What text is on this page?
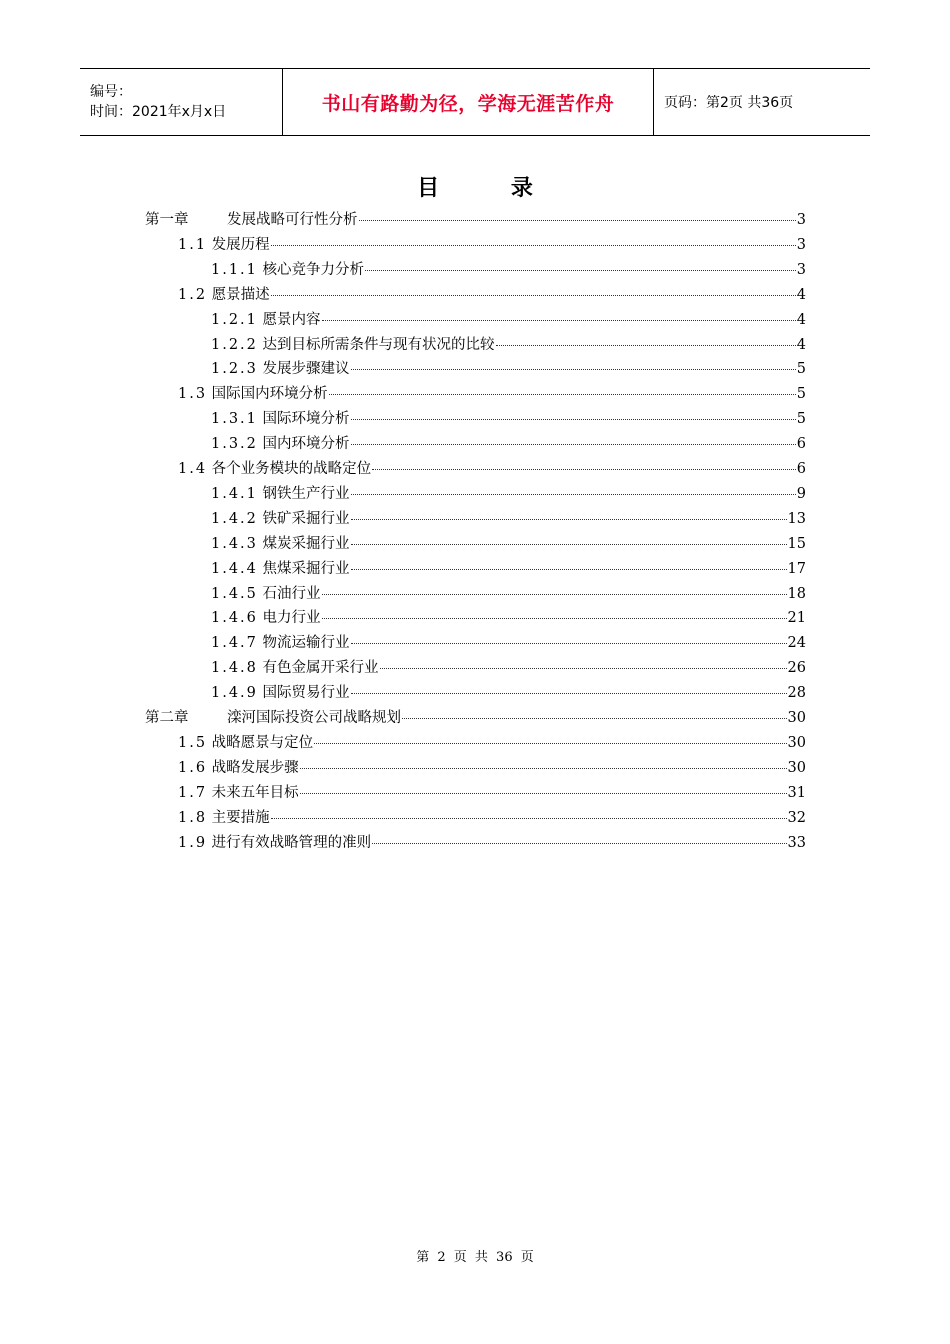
编号：
时间：2021年x月x日	书山有路勤为径，学海无涯苦作舟	页码：第2页 共36页
目 录
第一章	发展战略可行性分析	3
1.1 发展历程	3
1.1.1 核心竞争力分析	3
1.2 愿景描述	4
1.2.1 愿景内容	4
1.2.2 达到目标所需条件与现有状况的比较	4
1.2.3 发展步骤建议	5
1.3 国际国内环境分析	5
1.3.1 国际环境分析	5
1.3.2 国内环境分析	6
1.4 各个业务模块的战略定位	6
1.4.1 钢铁生产行业	9
1.4.2 铁矿采掘行业	13
1.4.3 煤炭采掘行业	15
1.4.4 焦煤采掘行业	17
1.4.5 石油行业	18
1.4.6 电力行业	21
1.4.7 物流运输行业	24
1.4.8 有色金属开采行业	26
1.4.9 国际贸易行业	28
第二章	滦河国际投资公司战略规划	30
1.5 战略愿景与定位	30
1.6 战略发展步骤	30
1.7 未来五年目标	31
1.8 主要措施	32
1.9 进行有效战略管理的准则	33
第 2 页 共 36 页
